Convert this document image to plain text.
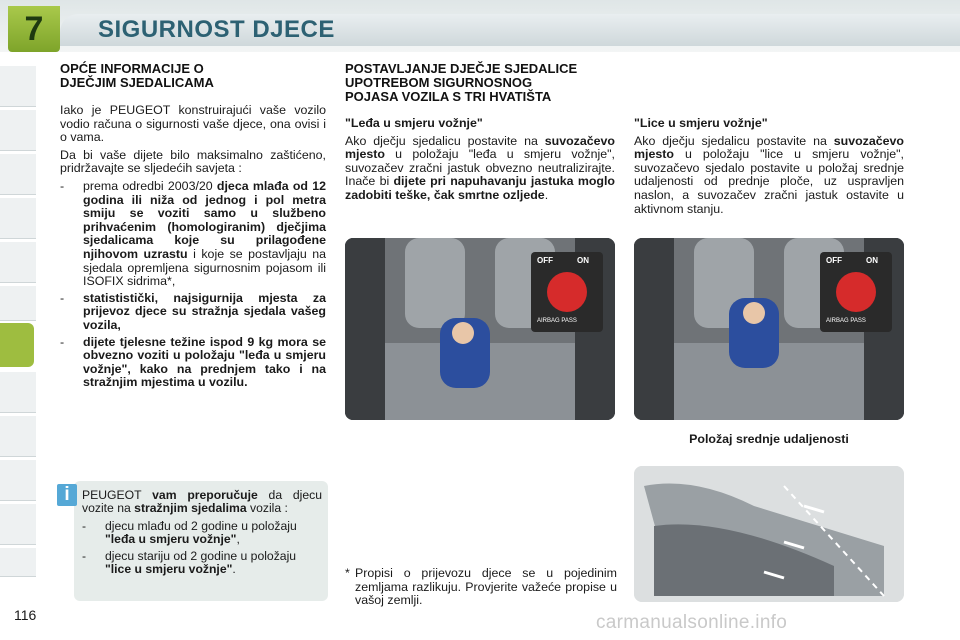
7	SIGURNOST DJECE
OPĆE INFORMACIJE O
DJEČJIM SJEDALICAMA

Iako je PEUGEOT konstruirajući vaše vozilo vodio računa o sigurnosti vaše djece, ona ovisi i o vama.

Da bi vaše dijete bilo maksimalno zaštićeno, pridržavajte se sljedećih savjeta :

-	prema odredbi 2003/20 djeca mlađa od 12 godina ili niža od jednog i pol metra smiju se voziti samo u službeno prihvaćenim (homologiranim) dječjima sjedalicama koje su prilagođene njihovom uzrastu i koje se postavljaju na sjedala opremljena sigurnosnim pojasom ili ISOFIX sidrima*,
-	statististički, najsigurnija mjesta za prijevoz djece su stražnja sjedala vašeg vozila,
-	dijete tjelesne težine ispod 9 kg mora se obvezno voziti u položaju "leđa u smjeru vožnje", kako na prednjem tako i na stražnjim mjestima u vozilu.
i	PEUGEOT vam preporučuje da djecu vozite na stražnjim sjedalima vozila :

-	djecu mlađu od 2 godine u položaju "leđa u smjeru vožnje",
-	djecu stariju od 2 godine u položaju "lice u smjeru vožnje".
POSTAVLJANJE DJEČJE SJEDALICE
UPOTREBOM SIGURNOSNOG
POJASA VOZILA S TRI HVATIŠTA

"Leđa u smjeru vožnje"

Ako dječju sjedalicu postavite na suvozačevo mjesto u položaju "leđa u smjeru vožnje", suvozačev zračni jastuk obvezno neutralizirajte. Inače bi dijete pri napuhavanju jastuka moglo zadobiti teške, čak smrtne ozljede.

"Lice u smjeru vožnje"

Ako dječju sjedalicu postavite na suvozačevo mjesto u položaju "lice u smjeru vožnje", suvozačevo sjedalo postavite u položaj srednje udaljenosti od prednje ploče, uz uspravljen naslon, a suvozačev zračni jastuk ostavite u aktivnom stanju.

OFF	ON
AIRBAG PASS
OFF	ON
AIRBAG PASS
Položaj srednje udaljenosti
* Propisi o prijevozu djece se u pojedinim zemljama razlikuju. Provjerite važeće propise u vašoj zemlji.
116	carmanualsonline.info
